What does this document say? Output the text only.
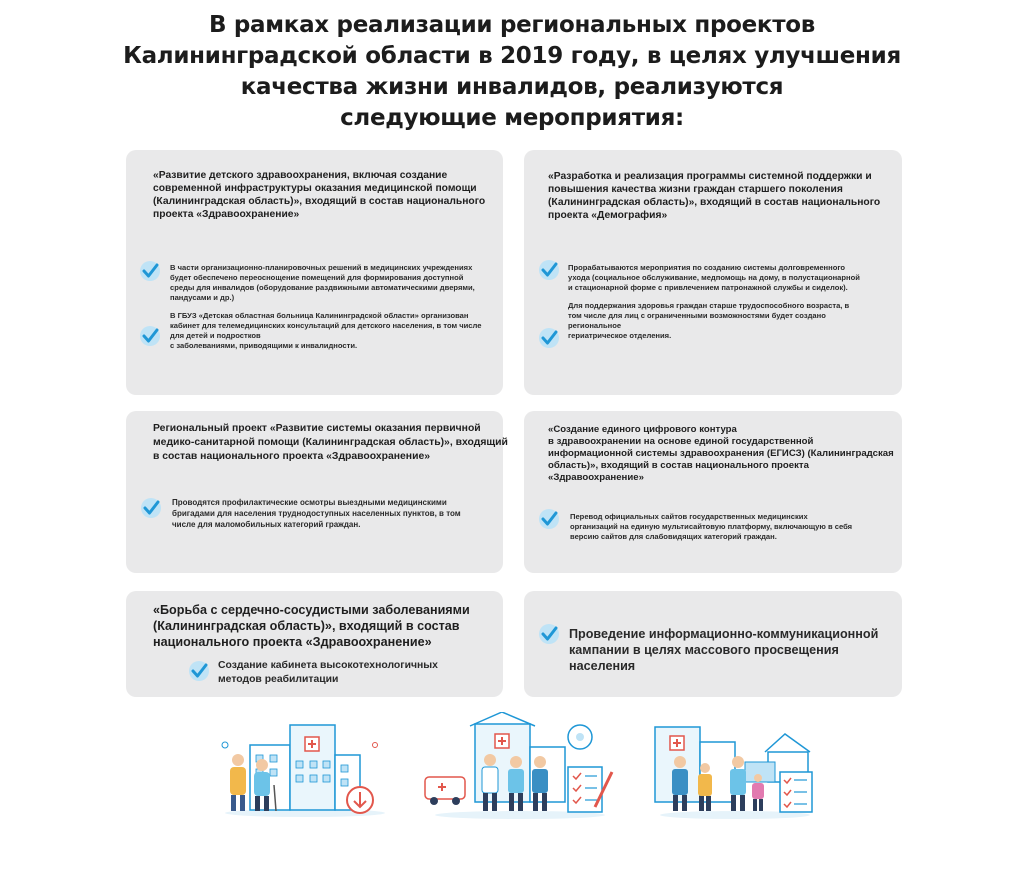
В рамках реализации региональных проектов
Калининградской области в 2019 году, в целях улучшения
качества жизни инвалидов, реализуются
следующие мероприятия:
«Развитие детского здравоохранения, включая создание
современной инфраструктуры оказания медицинской помощи
(Калининградская область)», входящий в состав национального
проекта «Здравоохранение»
В части организационно-планировочных решений в медицинских учреждениях
будет обеспечено переоснощение помещений для формирования доступной
среды для инвалидов (оборудование раздвижными автоматическими дверями,
пандусами и др.)
В ГБУЗ «Детская областная больница Калининградской области» организован
кабинет для телемедицинских консультаций для детского населения, в том числе
для детей и подростков
с заболеваниями, приводящими к инвалидности.
«Разработка и реализация программы системной поддержки и
повышения качества жизни граждан старшего поколения
(Калининградская область)», входящий в состав национального
проекта «Демография»
Прорабатываются мероприятия по созданию системы долговременного
ухода (социальное обслуживание, медпомощь на дому, в полустационарной
и стационарной форме с привлечением патронажной службы и сиделок).
Для поддержания здоровья граждан старше трудоспособного возраста, в
том числе для лиц с ограниченными возможностями будет создано
региональное
гериатрическое отделения.
Региональный проект «Развитие системы оказания первичной
медико-санитарной помощи (Калининградская область)», входящий
в состав национального проекта «Здравоохранение»
Проводятся профилактические осмотры выездными медицинскими
бригадами для населения труднодоступных населенных пунктов, в том
числе для маломобильных категорий граждан.
«Создание единого цифрового контура
в здравоохранении на основе единой государственной
информационной системы здравоохранения (ЕГИСЗ) (Калининградская
область)», входящий в состав национального проекта
«Здравоохранение»
Перевод официальных сайтов государственных медицинских
организаций на единую мультисайтовую платформу, включающую в себя
версию сайтов для слабовидящих категорий граждан.
«Борьба с сердечно-сосудистыми заболеваниями
(Калининградская область)», входящий в состав
национального проекта «Здравоохранение»
Создание кабинета высокотехнологичных
методов реабилитации
Проведение информационно-коммуникационной
кампании в целях массового просвещения
населения
